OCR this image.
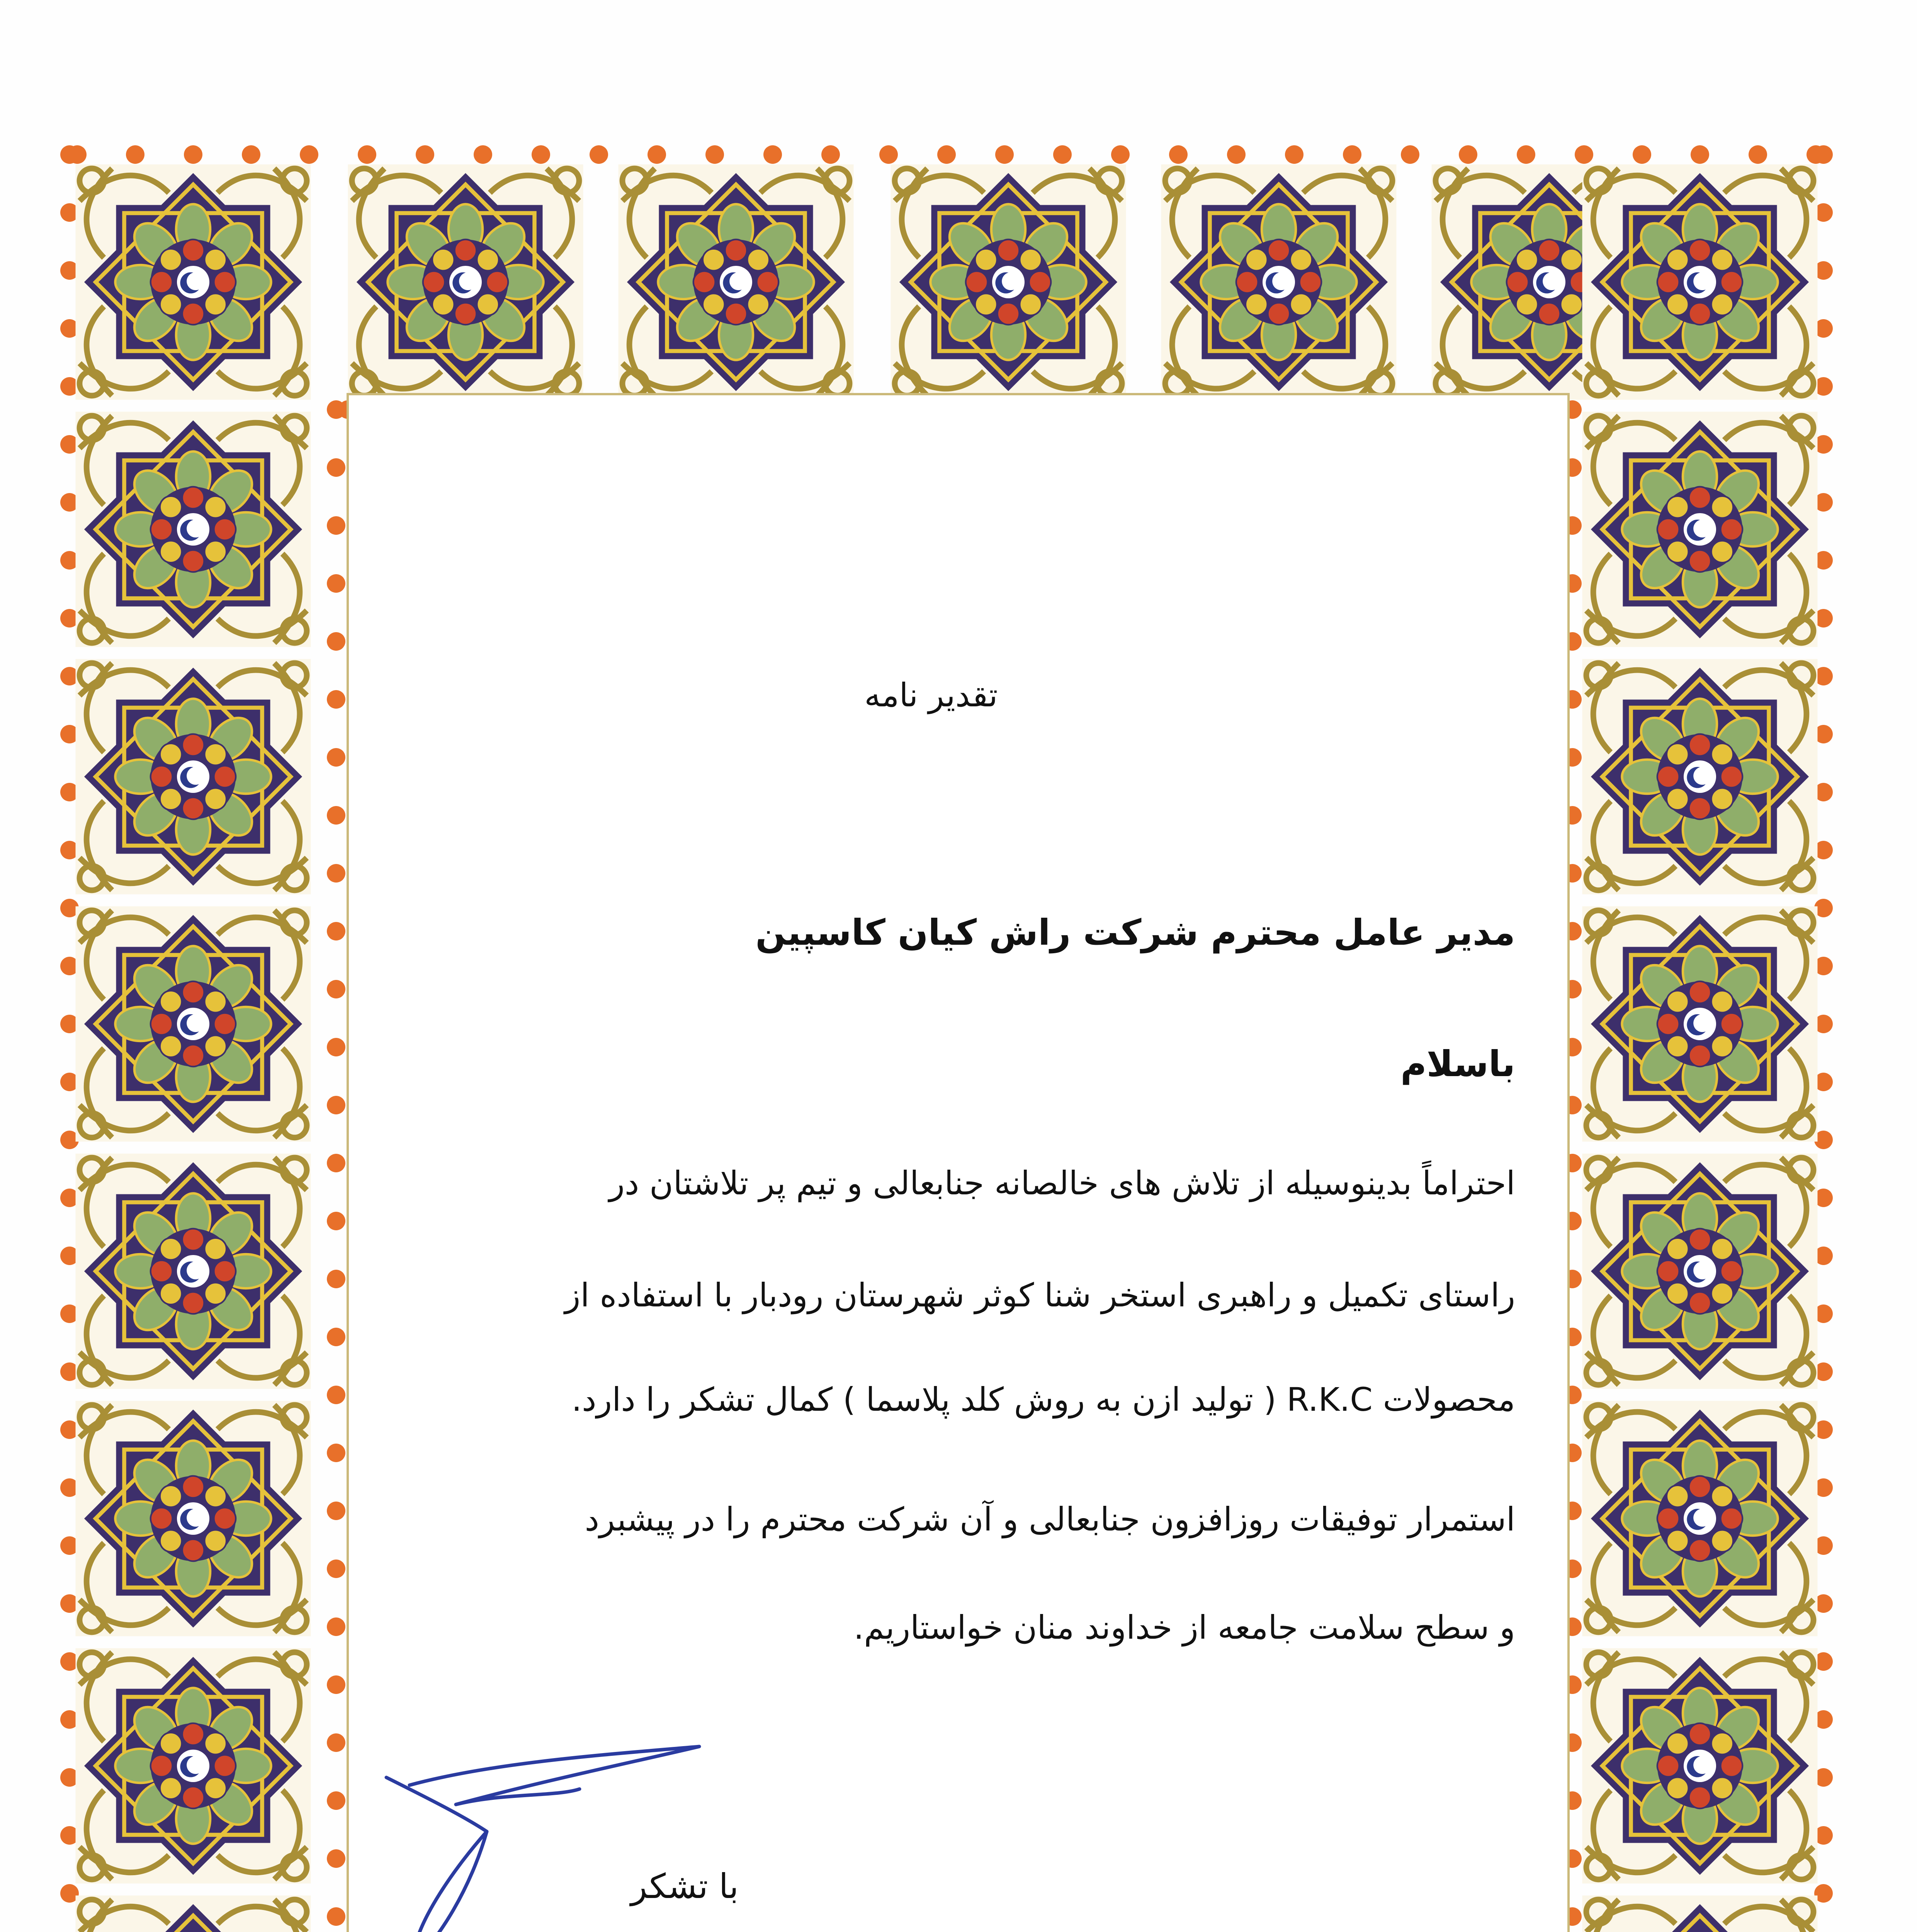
تقدیر نامه
مدیر عامل محترم شرکت راش کیان کاسپین
باسلام
احتراماً بدینوسیله از تلاش های خالصانه جنابعالی و تیم پر تلاشتان در
راستای تکمیل و راهبری استخر شنا کوثر شهرستان رودبار با استفاده از
محصولات R.K.C ( تولید ازن به روش کلد پلاسما ) کمال تشکر را دارد.
استمرار توفیقات روزافزون جنابعالی و آن شرکت محترم را در پیشبرد
و سطح سلامت جامعه از خداوند منان خواستاریم.
با تشکر
